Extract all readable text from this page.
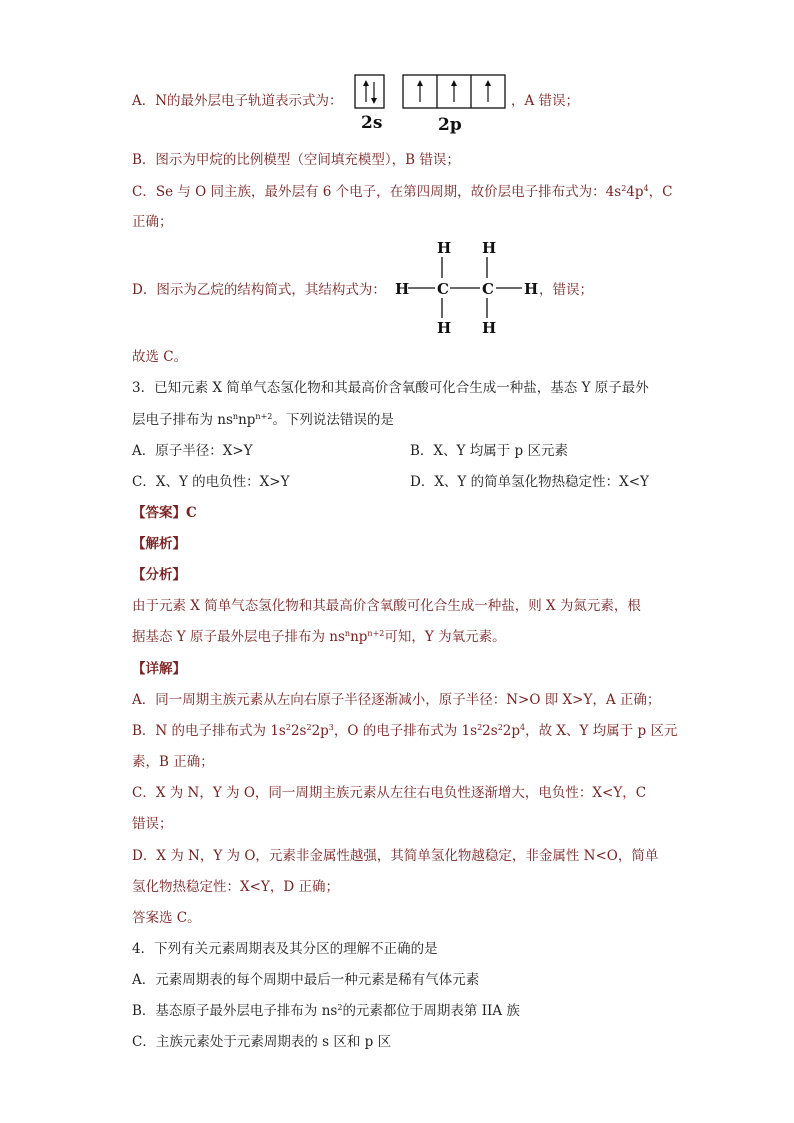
A．N的最外层电子轨道表示式为：
2s	2p
，A 错误；
B．图示为甲烷的比例模型（空间填充模型），B 错误；
C．Se 与 O 同主族，最外层有 6 个电子，在第四周期，故价层电子排布式为：$4s^24p^4$，C
正确；
D．图示为乙烷的结构简式，其结构式为：
H H
H C C H
H H
，错误；
故选 C。
3．已知元素 X 简单气态氢化物和其最高价含氧酸可化合生成一种盐，基态 Y 原子最外
层电子排布为 $ns^nnp^{n+2}$。下列说法错误的是
A．原子半径：X>Y	B．X、Y 均属于 p 区元素
C．X、Y 的电负性：X>Y	D．X、Y 的简单氢化物热稳定性：X<Y
【答案】C
【解析】
【分析】
由于元素 X 简单气态氢化物和其最高价含氧酸可化合生成一种盐，则 X 为氮元素，根
据基态 Y 原子最外层电子排布为 $ns^nnp^{n+2}$可知，Y 为氧元素。
【详解】
A．同一周期主族元素从左向右原子半径逐渐减小，原子半径：N>O 即 X>Y，A 正确；
B．N 的电子排布式为 $1s^22s^22p^3$，O 的电子排布式为 $1s^22s^22p^4$，故 X、Y 均属于 p 区元
素，B 正确；
C．X 为 N，Y 为 O，同一周期主族元素从左往右电负性逐渐增大，电负性：X<Y，C
错误；
D．X 为 N，Y 为 O，元素非金属性越强，其简单氢化物越稳定，非金属性 N<O，简单
氢化物热稳定性：X<Y，D 正确；
答案选 C。
4．下列有关元素周期表及其分区的理解不正确的是
A．元素周期表的每个周期中最后一种元素是稀有气体元素
B．基态原子最外层电子排布为 $ns^2$的元素都位于周期表第 IIA 族
C．主族元素处于元素周期表的 s 区和 p 区
